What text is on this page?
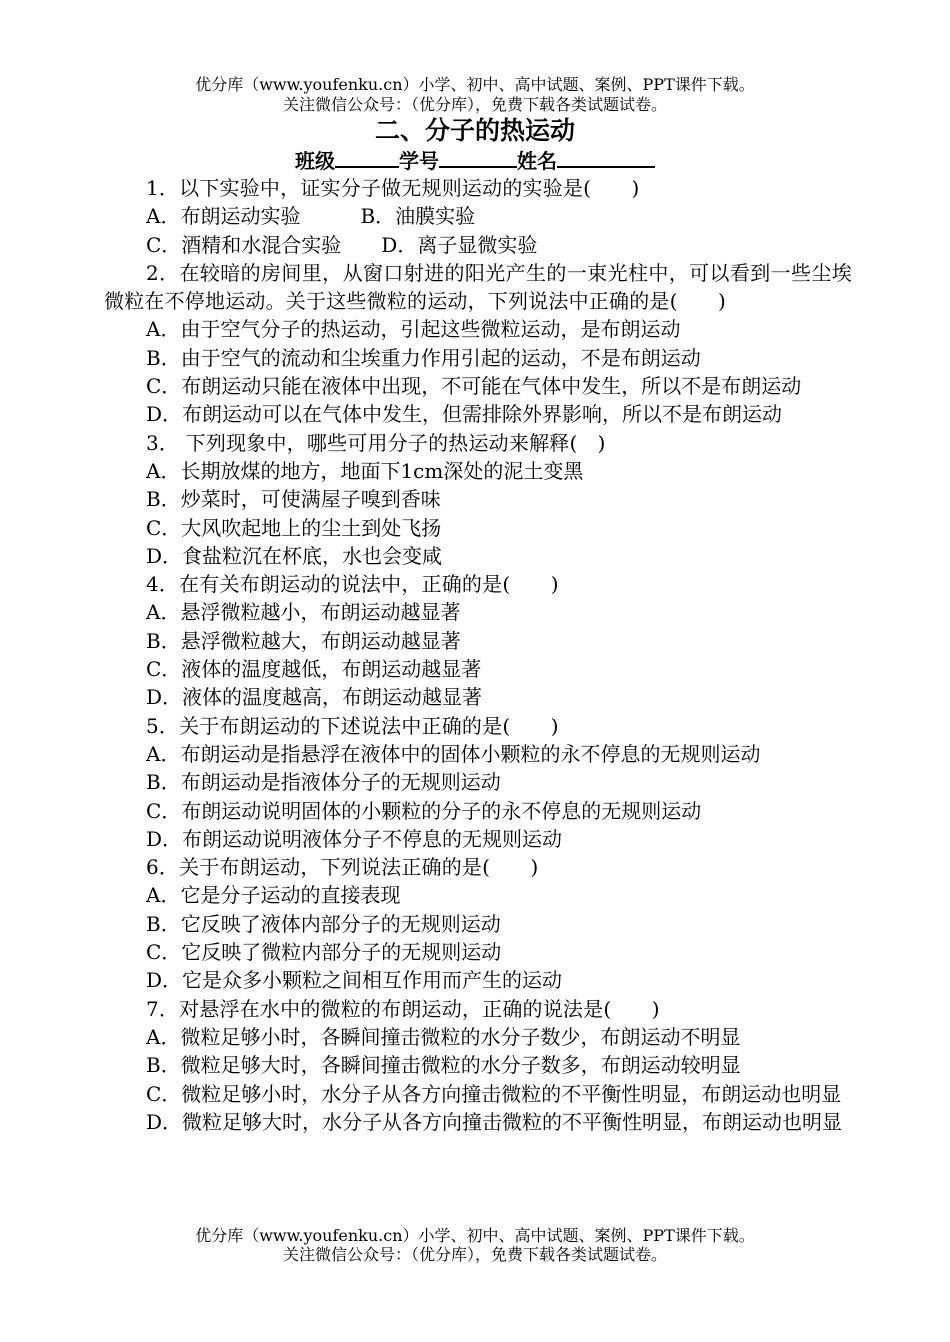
优分库（www.youfenku.cn）小学、初中、高中试题、案例、PPT课件下载。
关注微信公众号：（优分库），免费下载各类试题试卷。
二、分子的热运动
班级	学号	姓名

1．以下实验中，证实分子做无规则运动的实验是(　　)

A．布朗运动实验　　　B．油膜实验

C．酒精和水混合实验　　D．离子显微实验

2．在较暗的房间里，从窗口射进的阳光产生的一束光柱中，可以看到一些尘埃微粒在不停地运动。关于这些微粒的运动，下列说法中正确的是(　　)

A．由于空气分子的热运动，引起这些微粒运动，是布朗运动

B．由于空气的流动和尘埃重力作用引起的运动，不是布朗运动

C．布朗运动只能在液体中出现，不可能在气体中发生，所以不是布朗运动

D．布朗运动可以在气体中发生，但需排除外界影响，所以不是布朗运动

3． 下列现象中，哪些可用分子的热运动来解释(　)

A．长期放煤的地方，地面下1cm深处的泥土变黑

B．炒菜时，可使满屋子嗅到香味

C．大风吹起地上的尘土到处飞扬

D．食盐粒沉在杯底，水也会变咸

4．在有关布朗运动的说法中，正确的是(　　)

A．悬浮微粒越小，布朗运动越显著

B．悬浮微粒越大，布朗运动越显著

C．液体的温度越低，布朗运动越显著

D．液体的温度越高，布朗运动越显著

5．关于布朗运动的下述说法中正确的是(　　)

A．布朗运动是指悬浮在液体中的固体小颗粒的永不停息的无规则运动

B．布朗运动是指液体分子的无规则运动

C．布朗运动说明固体的小颗粒的分子的永不停息的无规则运动

D．布朗运动说明液体分子不停息的无规则运动

6．关于布朗运动，下列说法正确的是(　　)

A．它是分子运动的直接表现

B．它反映了液体内部分子的无规则运动

C．它反映了微粒内部分子的无规则运动

D．它是众多小颗粒之间相互作用而产生的运动

7．对悬浮在水中的微粒的布朗运动，正确的说法是(　　)

A．微粒足够小时，各瞬间撞击微粒的水分子数少，布朗运动不明显

B．微粒足够大时，各瞬间撞击微粒的水分子数多，布朗运动较明显

C．微粒足够小时，水分子从各方向撞击微粒的不平衡性明显，布朗运动也明显

D．微粒足够大时，水分子从各方向撞击微粒的不平衡性明显，布朗运动也明显

优分库（www.youfenku.cn）小学、初中、高中试题、案例、PPT课件下载。
关注微信公众号：（优分库），免费下载各类试题试卷。
